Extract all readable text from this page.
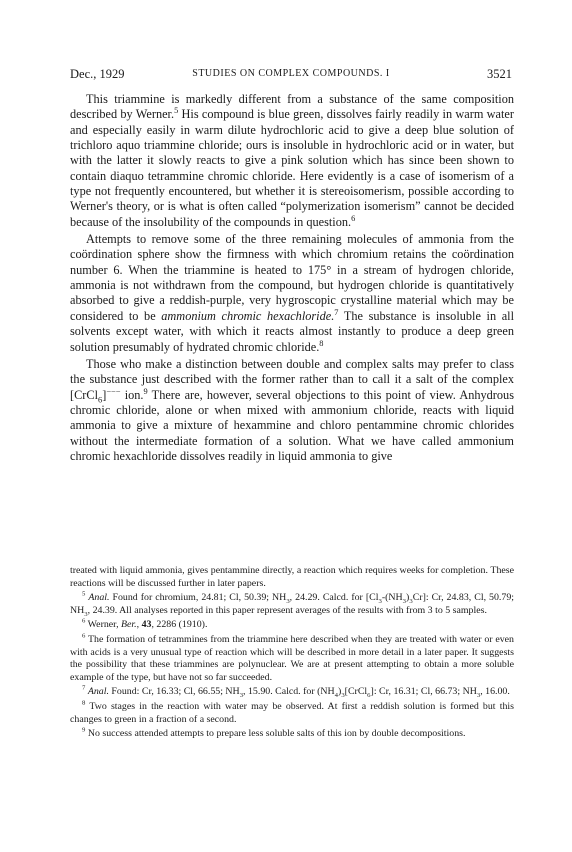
Dec., 1929	STUDIES ON COMPLEX COMPOUNDS. I	3521

This triammine is markedly different from a substance of the same composition described by Werner.$^5$ His compound is blue green, dissolves fairly readily in warm water and especially easily in warm dilute hydrochloric acid to give a deep blue solution of trichloro aquo triammine chloride; ours is insoluble in hydrochloric acid or in water, but with the latter it slowly reacts to give a pink solution which has since been shown to contain diaquo tetrammine chromic chloride. Here evidently is a case of isomerism of a type not frequently encountered, but whether it is stereoisomerism, possible according to Werner's theory, or is what is often called “polymerization isomerism” cannot be decided because of the insolubility of the compounds in question.$^6$

Attempts to remove some of the three remaining molecules of ammonia from the coördination sphere show the firmness with which chromium retains the coördination number 6. When the triammine is heated to 175° in a stream of hydrogen chloride, ammonia is not withdrawn from the compound, but hydrogen chloride is quantitatively absorbed to give a reddish-purple, very hygroscopic crystalline material which may be considered to be ammonium chromic hexachloride.$^7$ The substance is insoluble in all solvents except water, with which it reacts almost instantly to produce a deep green solution presumably of hydrated chromic chloride.$^8$

Those who make a distinction between double and complex salts may prefer to class the substance just described with the former rather than to call it a salt of the complex [CrCl$_6$]−−− ion.$^9$ There are, however, several objections to this point of view. Anhydrous chromic chloride, alone or when mixed with ammonium chloride, reacts with liquid ammonia to give a mixture of hexammine and chloro pentammine chromic chlorides without the intermediate formation of a solution. What we have called ammonium chromic hexachloride dissolves readily in liquid ammonia to give

treated with liquid ammonia, gives pentammine directly, a reaction which requires weeks for completion. These reactions will be discussed further in later papers.

$^5$ Anal. Found for chromium, 24.81; Cl, 50.39; $NH_3$, 24.29. Calcd. for $[Cl_3-(NH_3)_3Cr]$: Cr, 24.83, Cl, 50.79; $NH_3$, 24.39. All analyses reported in this paper represent averages of the results with from 3 to 5 samples.

$^6$ Werner, Ber., 43, 2286 (1910).

$^6$ The formation of tetrammines from the triammine here described when they are treated with water or even with acids is a very unusual type of reaction which will be described in more detail in a later paper. It suggests the possibility that these triammines are polynuclear. We are at present attempting to obtain a more soluble example of the type, but have not so far succeeded.

$^7$ Anal. Found: Cr, 16.33; Cl, 66.55; $NH_3$, 15.90. Calcd. for $(NH_4)_3[CrCl_6]$: Cr, 16.31; Cl, 66.73; $NH_3$, 16.00.

$^8$ Two stages in the reaction with water may be observed. At first a reddish solution is formed but this changes to green in a fraction of a second.

$^9$ No success attended attempts to prepare less soluble salts of this ion by double decompositions.
